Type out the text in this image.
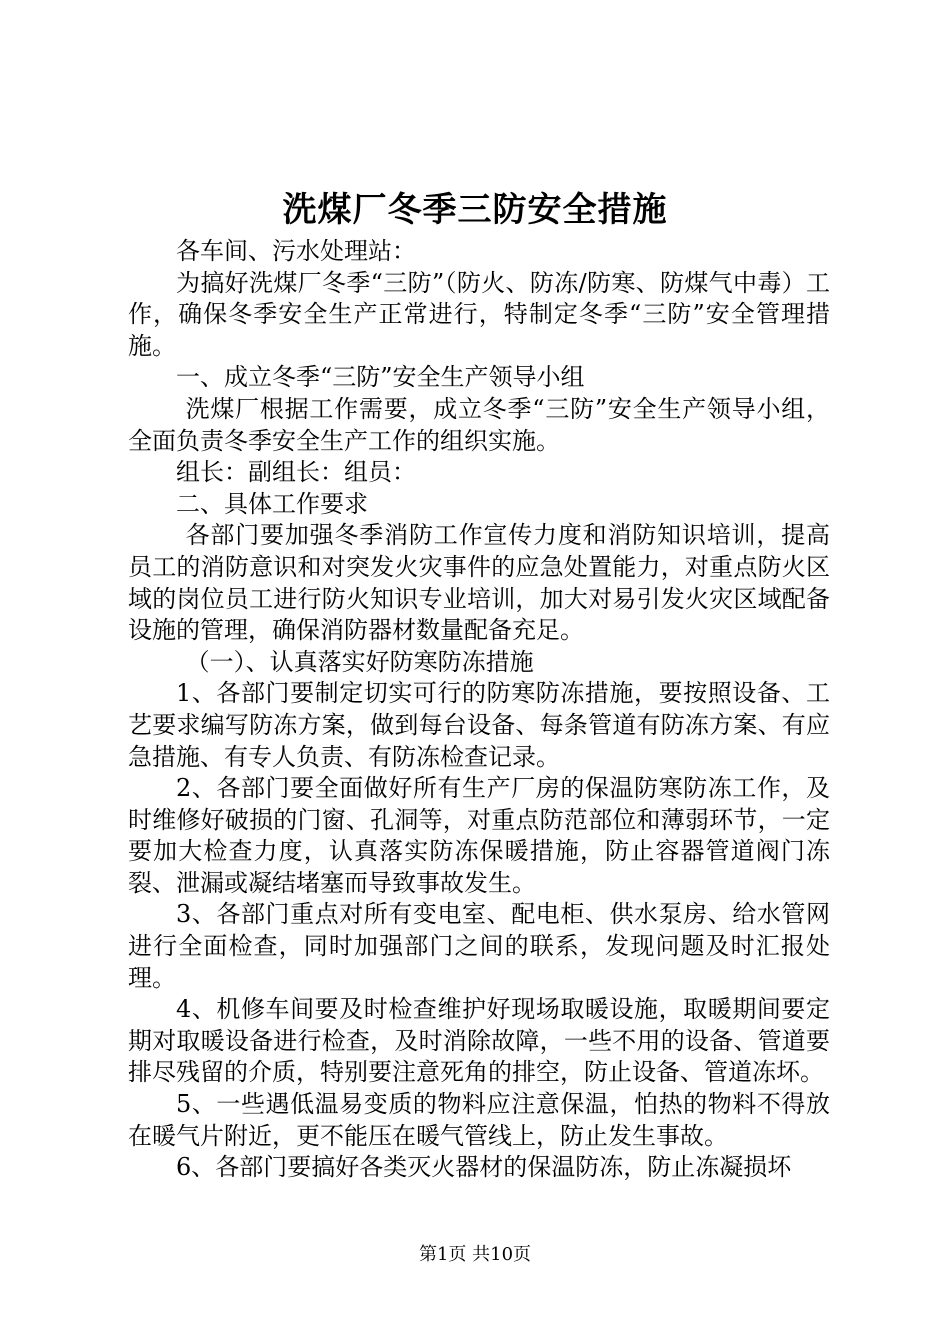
洗煤厂冬季三防安全措施

各车间、污水处理站：

为搞好洗煤厂冬季“三防”（防火、防冻/防寒、防煤气中毒）工作，确保冬季安全生产正常进行，特制定冬季“三防”安全管理措施。

一、成立冬季“三防”安全生产领导小组

洗煤厂根据工作需要，成立冬季“三防”安全生产领导小组，全面负责冬季安全生产工作的组织实施。

组长：副组长：组员：

二、具体工作要求

各部门要加强冬季消防工作宣传力度和消防知识培训，提高员工的消防意识和对突发火灾事件的应急处置能力，对重点防火区域的岗位员工进行防火知识专业培训，加大对易引发火灾区域配备设施的管理，确保消防器材数量配备充足。

（一）、认真落实好防寒防冻措施

1、各部门要制定切实可行的防寒防冻措施，要按照设备、工艺要求编写防冻方案，做到每台设备、每条管道有防冻方案、有应急措施、有专人负责、有防冻检查记录。

2、各部门要全面做好所有生产厂房的保温防寒防冻工作，及时维修好破损的门窗、孔洞等，对重点防范部位和薄弱环节，一定要加大检查力度，认真落实防冻保暖措施，防止容器管道阀门冻裂、泄漏或凝结堵塞而导致事故发生。

3、各部门重点对所有变电室、配电柜、供水泵房、给水管网进行全面检查，同时加强部门之间的联系，发现问题及时汇报处理。

4、机修车间要及时检查维护好现场取暖设施，取暖期间要定期对取暖设备进行检查，及时消除故障，一些不用的设备、管道要排尽残留的介质，特别要注意死角的排空，防止设备、管道冻坏。

5、一些遇低温易变质的物料应注意保温，怕热的物料不得放在暖气片附近，更不能压在暖气管线上，防止发生事故。

6、各部门要搞好各类灭火器材的保温防冻，防止冻凝损坏

第1页 共10页
